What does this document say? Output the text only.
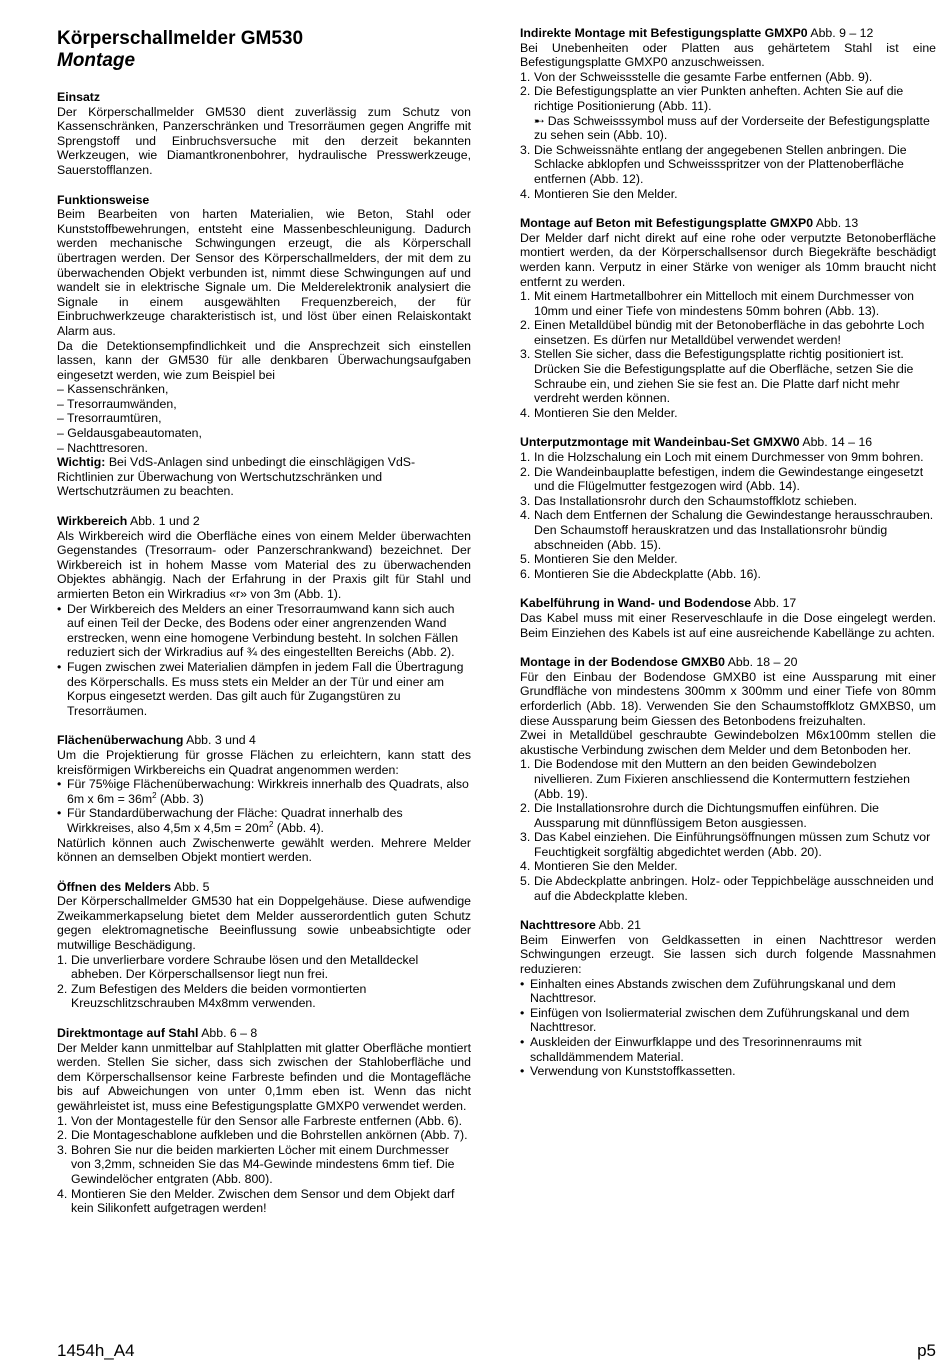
Körperschallmelder GM530
Montage
Einsatz

Der Körperschallmelder GM530 dient zuverlässig zum Schutz von Kassenschränken, Panzerschränken und Tresorräumen gegen Angriffe mit Sprengstoff und Einbruchsversuche mit den derzeit bekannten Werkzeugen, wie Diamantkronenbohrer, hydraulische Presswerkzeuge, Sauerstofflanzen.

Funktionsweise

Beim Bearbeiten von harten Materialien, wie Beton, Stahl oder Kunststoffbewehrungen, entsteht eine Massenbeschleunigung. Dadurch werden mechanische Schwingungen erzeugt, die als Körperschall übertragen werden. Der Sensor des Körperschallmelders, der mit dem zu überwachenden Objekt verbunden ist, nimmt diese Schwingungen auf und wandelt sie in elektrische Signale um. Die Melderelektronik analysiert die Signale in einem ausgewählten Frequenzbereich, der für Einbruchwerkzeuge charakteristisch ist, und löst über einen Relaiskontakt Alarm aus.

Da die Detektionsempfindlichkeit und die Ansprechzeit sich einstellen lassen, kann der GM530 für alle denkbaren Überwachungsaufgaben eingesetzt werden, wie zum Beispiel bei

– Kassenschränken,
– Tresorraumwänden,
– Tresorraumtüren,
– Geldausgabeautomaten,
– Nachttresoren.

Wichtig: Bei VdS-Anlagen sind unbedingt die einschlägigen VdS-Richtlinien zur Überwachung von Wertschutzschränken und Wertschutzräumen zu beachten.

Wirkbereich Abb. 1 und 2

Als Wirkbereich wird die Oberfläche eines von einem Melder überwachten Gegenstandes (Tresorraum- oder Panzerschrankwand) bezeichnet. Der Wirkbereich ist in hohem Masse vom Material des zu überwachenden Objektes abhängig. Nach der Erfahrung in der Praxis gilt für Stahl und armierten Beton ein Wirkradius «r» von 3m (Abb. 1).

• Der Wirkbereich des Melders an einer Tresorraumwand kann sich auch auf einen Teil der Decke, des Bodens oder einer angrenzenden Wand erstrecken, wenn eine homogene Verbindung besteht. In solchen Fällen reduziert sich der Wirkradius auf ¾ des eingestellten Bereichs (Abb. 2).
• Fugen zwischen zwei Materialien dämpfen in jedem Fall die Übertragung des Körperschalls. Es muss stets ein Melder an der Tür und einer am Korpus eingesetzt werden. Das gilt auch für Zugangstüren zu Tresorräumen.
Flächenüberwachung Abb. 3 und 4

Um die Projektierung für grosse Flächen zu erleichtern, kann statt des kreisförmigen Wirkbereichs ein Quadrat angenommen werden:

• Für 75%ige Flächenüberwachung: Wirkkreis innerhalb des Quadrats, also 6m x $6m = 36m^2$ (Abb. 3)
• Für Standardüberwachung der Fläche: Quadrat innerhalb des Wirkkreises, also 4,5m x $4,5m = 20m^2$ (Abb. 4).

Natürlich können auch Zwischenwerte gewählt werden. Mehrere Melder können an demselben Objekt montiert werden.

Öffnen des Melders Abb. 5

Der Körperschallmelder GM530 hat ein Doppelgehäuse. Diese aufwendige Zweikammerkapselung bietet dem Melder ausserordentlich guten Schutz gegen elektromagnetische Beeinflussung sowie unbeabsichtigte oder mutwillige Beschädigung.

1. Die unverlierbare vordere Schraube lösen und den Metalldeckel abheben. Der Körperschallsensor liegt nun frei.
2. Zum Befestigen des Melders die beiden vormontierten Kreuzschlitzschrauben M4x8mm verwenden.
Direktmontage auf Stahl Abb. 6 – 8

Der Melder kann unmittelbar auf Stahlplatten mit glatter Oberfläche montiert werden. Stellen Sie sicher, dass sich zwischen der Stahloberfläche und dem Körperschallsensor keine Farbreste befinden und die Montagefläche bis auf Abweichungen von unter 0,1mm eben ist. Wenn das nicht gewährleistet ist, muss eine Befestigungsplatte GMXP0 verwendet werden.

1. Von der Montagestelle für den Sensor alle Farbreste entfernen (Abb. 6).
2. Die Montageschablone aufkleben und die Bohrstellen ankörnen (Abb. 7).
3. Bohren Sie nur die beiden markierten Löcher mit einem Durchmesser von 3,2mm, schneiden Sie das M4-Gewinde mindestens 6mm tief. Die Gewindelöcher entgraten (Abb. 800).
4. Montieren Sie den Melder. Zwischen dem Sensor und dem Objekt darf kein Silikonfett aufgetragen werden!
Indirekte Montage mit Befestigungsplatte GMXP0 Abb. 9 – 12

Bei Unebenheiten oder Platten aus gehärtetem Stahl ist eine Befestigungsplatte GMXP0 anzuschweissen.

1. Von der Schweissstelle die gesamte Farbe entfernen (Abb. 9).
2. Die Befestigungsplatte an vier Punkten anheften. Achten Sie auf die richtige Positionierung (Abb. 11).
➸ Das Schweisssymbol muss auf der Vorderseite der Befestigungsplatte zu sehen sein (Abb. 10).
3. Die Schweissnähte entlang der angegebenen Stellen anbringen. Die Schlacke abklopfen und Schweissspritzer von der Plattenoberfläche entfernen (Abb. 12).
4. Montieren Sie den Melder.
Montage auf Beton mit Befestigungsplatte GMXP0 Abb. 13

Der Melder darf nicht direkt auf eine rohe oder verputzte Betonoberfläche montiert werden, da der Körperschallsensor durch Biegekräfte beschädigt werden kann. Verputz in einer Stärke von weniger als 10mm braucht nicht entfernt zu werden.

1. Mit einem Hartmetallbohrer ein Mittelloch mit einem Durchmesser von 10mm und einer Tiefe von mindestens 50mm bohren (Abb. 13).
2. Einen Metalldübel bündig mit der Betonoberfläche in das gebohrte Loch einsetzen. Es dürfen nur Metalldübel verwendet werden!
3. Stellen Sie sicher, dass die Befestigungsplatte richtig positioniert ist. Drücken Sie die Befestigungsplatte auf die Oberfläche, setzen Sie die Schraube ein, und ziehen Sie sie fest an. Die Platte darf nicht mehr verdreht werden können.
4. Montieren Sie den Melder.
Unterputzmontage mit Wandeinbau-Set GMXW0 Abb. 14 – 16
1. In die Holzschalung ein Loch mit einem Durchmesser von 9mm bohren.
2. Die Wandeinbauplatte befestigen, indem die Gewindestange eingesetzt und die Flügelmutter festgezogen wird (Abb. 14).
3. Das Installationsrohr durch den Schaumstoffklotz schieben.
4. Nach dem Entfernen der Schalung die Gewindestange herausschrauben. Den Schaumstoff herauskratzen und das Installationsrohr bündig abschneiden (Abb. 15).
5. Montieren Sie den Melder.
6. Montieren Sie die Abdeckplatte (Abb. 16).
Kabelführung in Wand- und Bodendose Abb. 17

Das Kabel muss mit einer Reserveschlaufe in die Dose eingelegt werden. Beim Einziehen des Kabels ist auf eine ausreichende Kabellänge zu achten.

Montage in der Bodendose GMXB0 Abb. 18 – 20

Für den Einbau der Bodendose GMXB0 ist eine Aussparung mit einer Grundfläche von mindestens 300mm x 300mm und einer Tiefe von 80mm erforderlich (Abb. 18). Verwenden Sie den Schaumstoffklotz GMXBS0, um diese Aussparung beim Giessen des Betonbodens freizuhalten.

Zwei in Metalldübel geschraubte Gewindebolzen M6x100mm stellen die akustische Verbindung zwischen dem Melder und dem Betonboden her.

1. Die Bodendose mit den Muttern an den beiden Gewindebolzen nivellieren. Zum Fixieren anschliessend die Kontermuttern festziehen (Abb. 19).
2. Die Installationsrohre durch die Dichtungsmuffen einführen. Die Aussparung mit dünnflüssigem Beton ausgiessen.
3. Das Kabel einziehen. Die Einführungsöffnungen müssen zum Schutz vor Feuchtigkeit sorgfältig abgedichtet werden (Abb. 20).
4. Montieren Sie den Melder.
5. Die Abdeckplatte anbringen. Holz- oder Teppichbeläge ausschneiden und auf die Abdeckplatte kleben.
Nachttresore Abb. 21

Beim Einwerfen von Geldkassetten in einen Nachttresor werden Schwingungen erzeugt. Sie lassen sich durch folgende Massnahmen reduzieren:

• Einhalten eines Abstands zwischen dem Zuführungskanal und dem Nachttresor.
• Einfügen von Isoliermaterial zwischen dem Zuführungskanal und dem Nachttresor.
• Auskleiden der Einwurfklappe und des Tresorinnenraums mit schalldämmendem Material.
• Verwendung von Kunststoffkassetten.
1454h_A4	p5
